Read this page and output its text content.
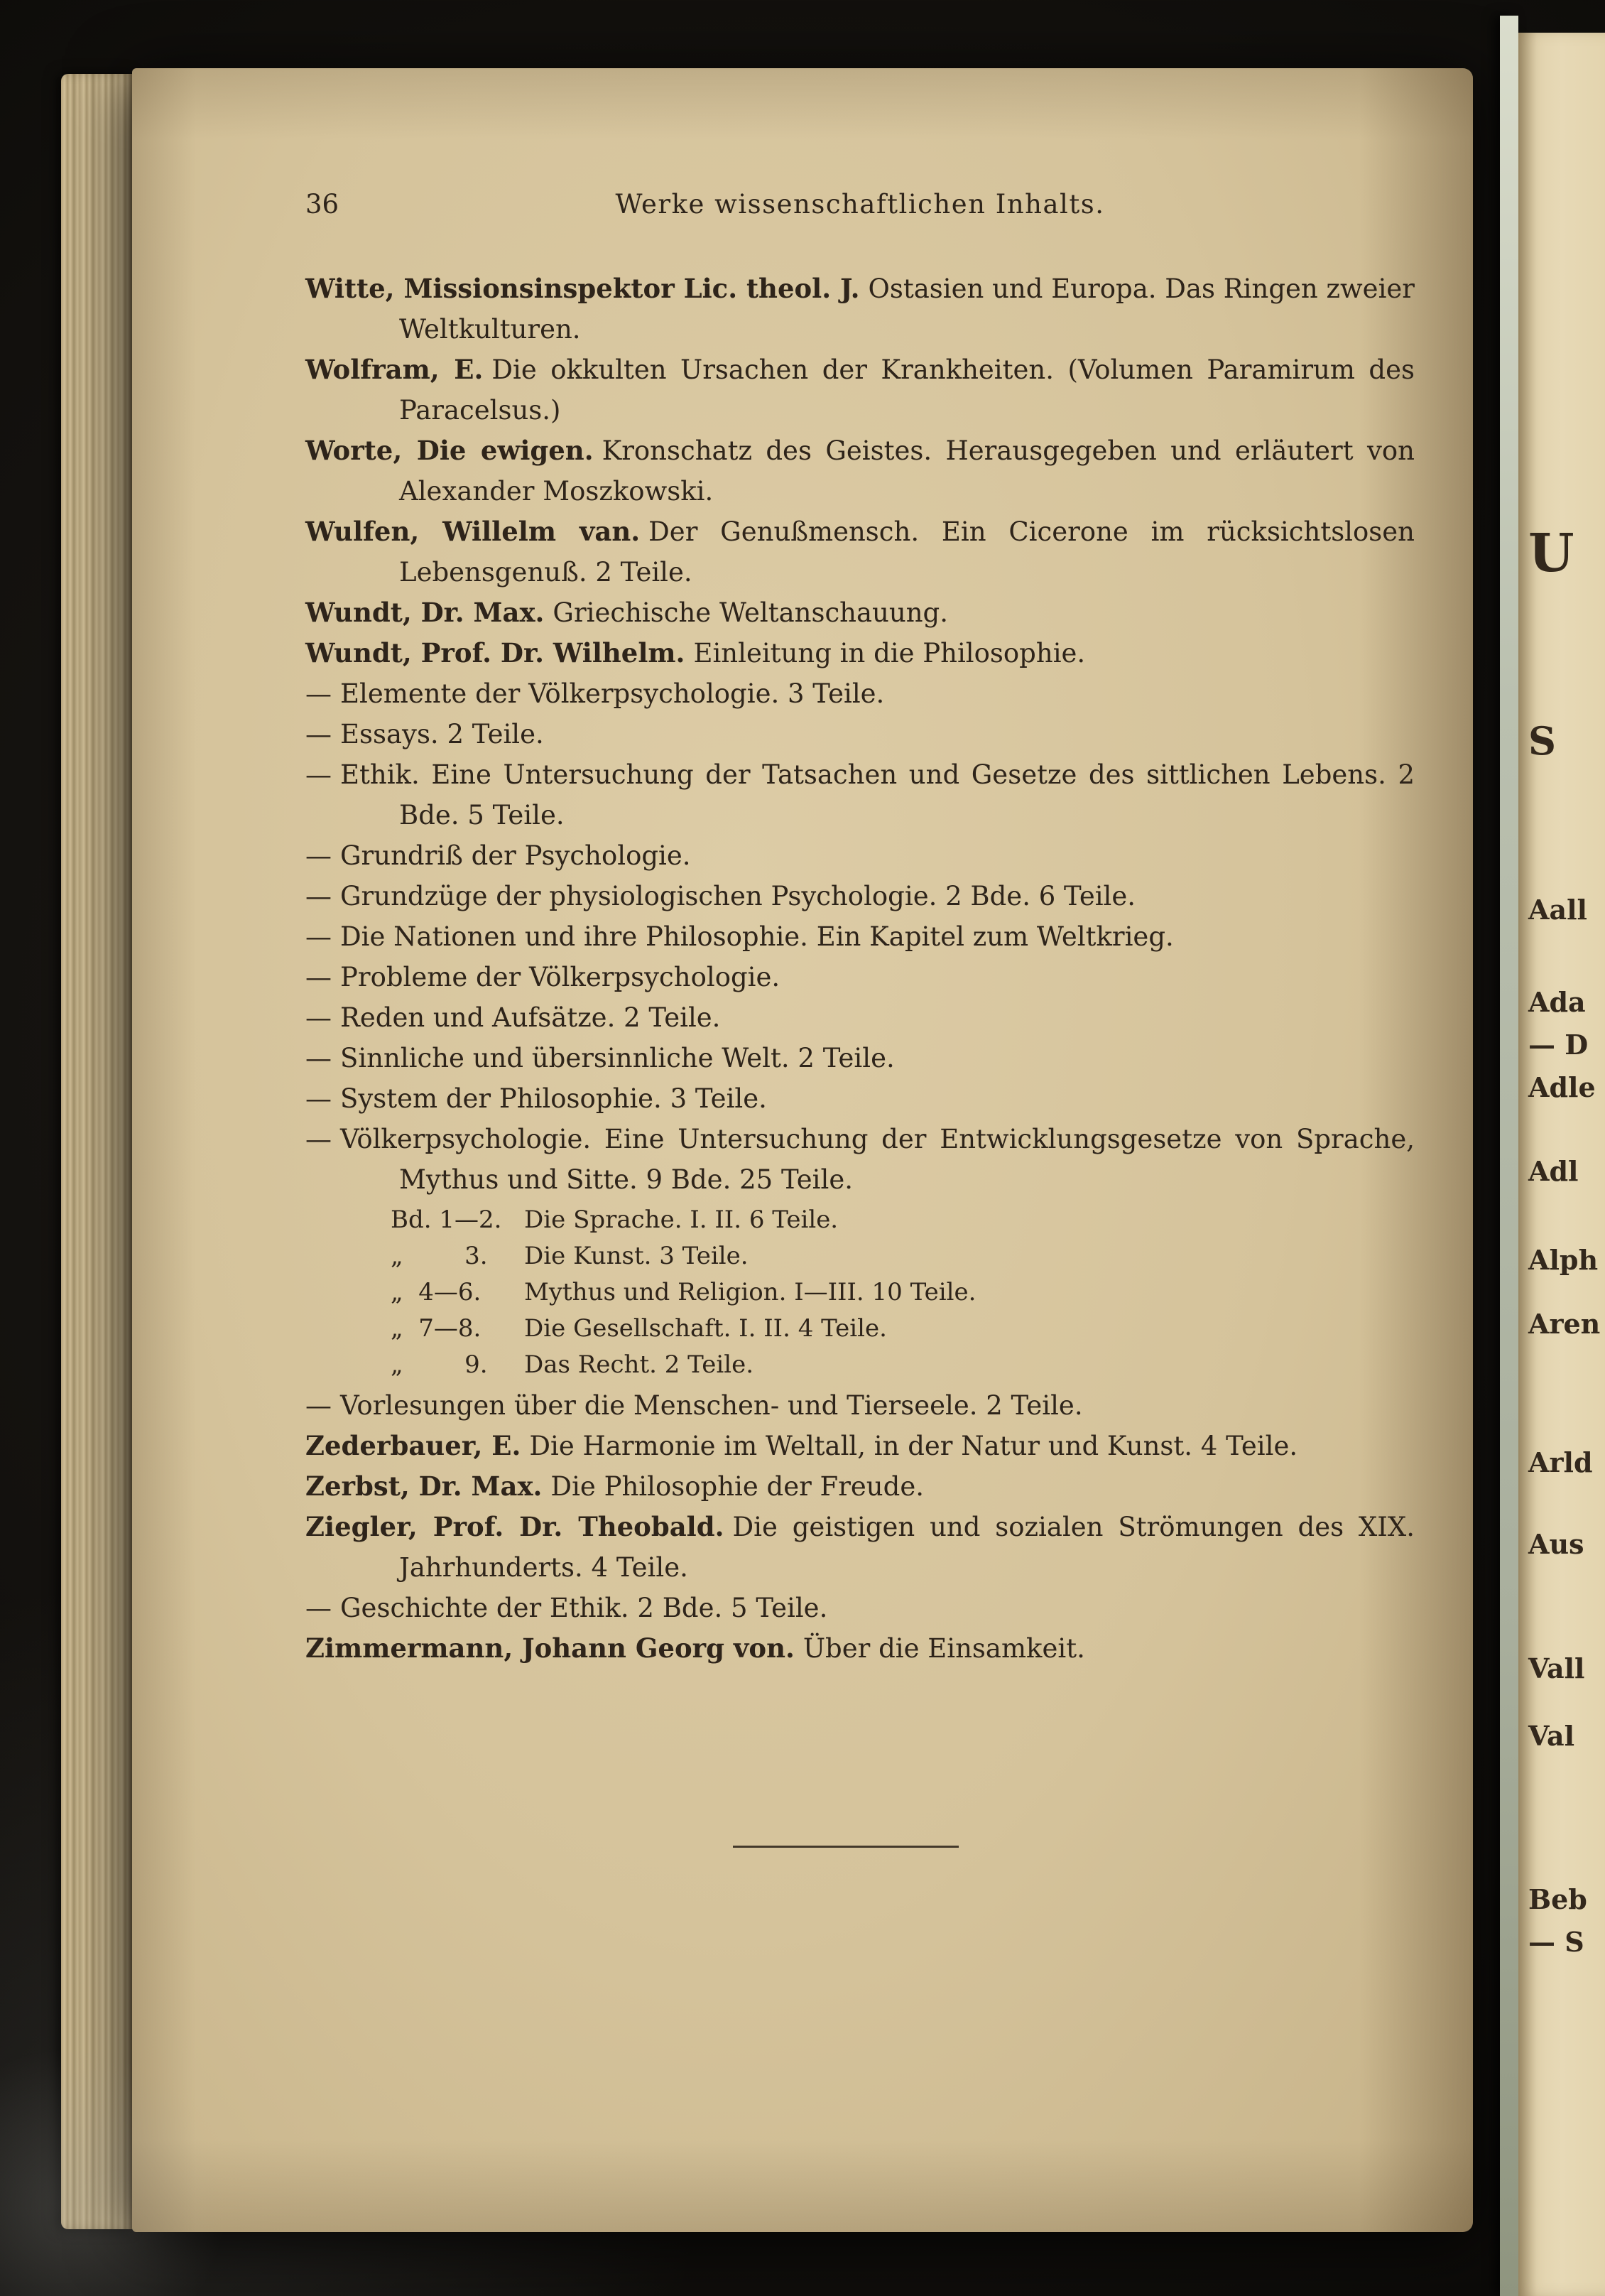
36	Werke wissenschaftlichen Inhalts.
Witte, Missionsinspektor Lic. theol. J. Ostasien und Europa. Das Ringen zweier Weltkulturen.
Wolfram, E. Die okkulten Ursachen der Krankheiten. (Volumen Paramirum des Paracelsus.)
Worte, Die ewigen. Kronschatz des Geistes. Herausgegeben und erläutert von Alexander Moszkowski.
Wulfen, Willelm van. Der Genußmensch. Ein Cicerone im rücksichtslosen Lebensgenuß. 2 Teile.
Wundt, Dr. Max. Griechische Weltanschauung.
Wundt, Prof. Dr. Wilhelm. Einleitung in die Philosophie.
— Elemente der Völkerpsychologie. 3 Teile.
— Essays. 2 Teile.
— Ethik. Eine Untersuchung der Tatsachen und Gesetze des sittlichen Lebens. 2 Bde. 5 Teile.
— Grundriß der Psychologie.
— Grundzüge der physiologischen Psychologie. 2 Bde. 6 Teile.
— Die Nationen und ihre Philosophie. Ein Kapitel zum Weltkrieg.
— Probleme der Völkerpsychologie.
— Reden und Aufsätze. 2 Teile.
— Sinnliche und übersinnliche Welt. 2 Teile.
— System der Philosophie. 3 Teile.
— Völkerpsychologie. Eine Untersuchung der Entwicklungsgesetze von Sprache, Mythus und Sitte. 9 Bde. 25 Teile.
Bd. 1—2. Die Sprache. I. II. 6 Teile.
„        3. Die Kunst. 3 Teile.
„  4—6. Mythus und Religion. I—III. 10 Teile.
„  7—8. Die Gesellschaft. I. II. 4 Teile.
„        9. Das Recht. 2 Teile.
— Vorlesungen über die Menschen- und Tierseele. 2 Teile.
Zederbauer, E. Die Harmonie im Weltall, in der Natur und Kunst. 4 Teile.
Zerbst, Dr. Max. Die Philosophie der Freude.
Ziegler, Prof. Dr. Theobald. Die geistigen und sozialen Strömungen des XIX. Jahrhunderts. 4 Teile.
— Geschichte der Ethik. 2 Bde. 5 Teile.
Zimmermann, Johann Georg von. Über die Einsamkeit.
U
S
Aall
Ada
— D
Adle
Adl
Alph
Aren
Arld
Aus
Vall
Val
Beb
— S
